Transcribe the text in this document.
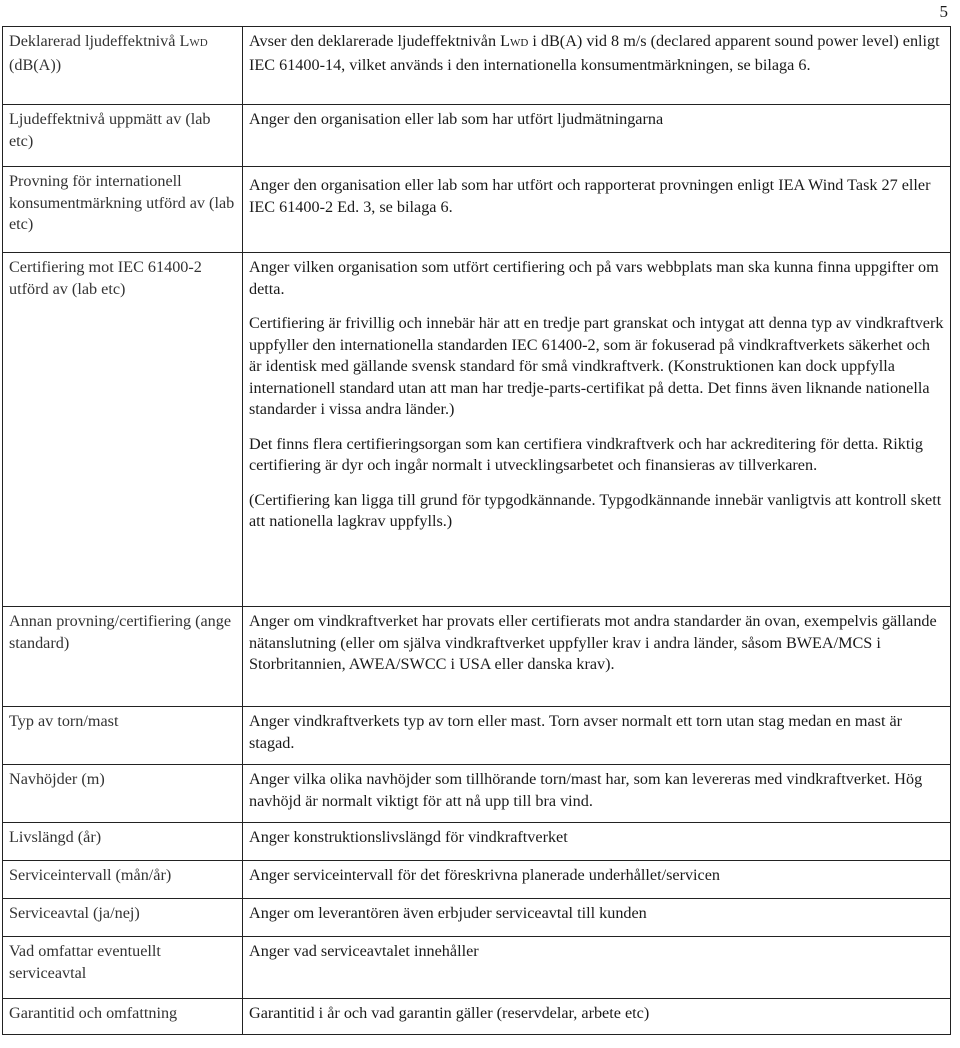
5
Deklarerad ljudeffektnivå LWD (dB(A))	Avser den deklarerade ljudeffektnivån LWD i dB(A) vid 8 m/s (declared apparent sound power level) enligt IEC 61400-14, vilket används i den internationella konsumentmärkningen, se bilaga 6.

Ljudeffektnivå uppmätt av (lab etc)	Anger den organisation eller lab som har utfört ljudmätningarna

Provning för internationell konsumentmärkning utförd av (lab etc)	Anger den organisation eller lab som har utfört och rapporterat provningen enligt IEA Wind Task 27 eller IEC 61400-2 Ed. 3, se bilaga 6.

Certifiering mot IEC 61400-2 utförd av (lab etc)	Anger vilken organisation som utfört certifiering och på vars webbplats man ska kunna finna uppgifter om detta.

Certifiering är frivillig och innebär här att en tredje part granskat och intygat att denna typ av vindkraftverk uppfyller den internationella standarden IEC 61400-2, som är fokuserad på vindkraftverkets säkerhet och är identisk med gällande svensk standard för små vindkraftverk. (Konstruktionen kan dock uppfylla internationell standard utan att man har tredje-parts-certifikat på detta. Det finns även liknande nationella standarder i vissa andra länder.)

Det finns flera certifieringsorgan som kan certifiera vindkraftverk och har ackreditering för detta. Riktig certifiering är dyr och ingår normalt i utvecklingsarbetet och finansieras av tillverkaren.

(Certifiering kan ligga till grund för typgodkännande. Typgodkännande innebär vanligtvis att kontroll skett att nationella lagkrav uppfylls.)

Annan provning/certifiering (ange standard)	Anger om vindkraftverket har provats eller certifierats mot andra standarder än ovan, exempelvis gällande nätanslutning (eller om själva vindkraftverket uppfyller krav i andra länder, såsom BWEA/MCS i Storbritannien, AWEA/SWCC i USA eller danska krav).

Typ av torn/mast	Anger vindkraftverkets typ av torn eller mast. Torn avser normalt ett torn utan stag medan en mast är stagad.

Navhöjder (m)	Anger vilka olika navhöjder som tillhörande torn/mast har, som kan levereras med vindkraftverket. Hög navhöjd är normalt viktigt för att nå upp till bra vind.

Livslängd (år)	Anger konstruktionslivslängd för vindkraftverket

Serviceintervall (mån/år)	Anger serviceintervall för det föreskrivna planerade underhållet/servicen

Serviceavtal (ja/nej)	Anger om leverantören även erbjuder serviceavtal till kunden

Vad omfattar eventuellt serviceavtal	Anger vad serviceavtalet innehåller

Garantitid och omfattning	Garantitid i år och vad garantin gäller (reservdelar, arbete etc)
